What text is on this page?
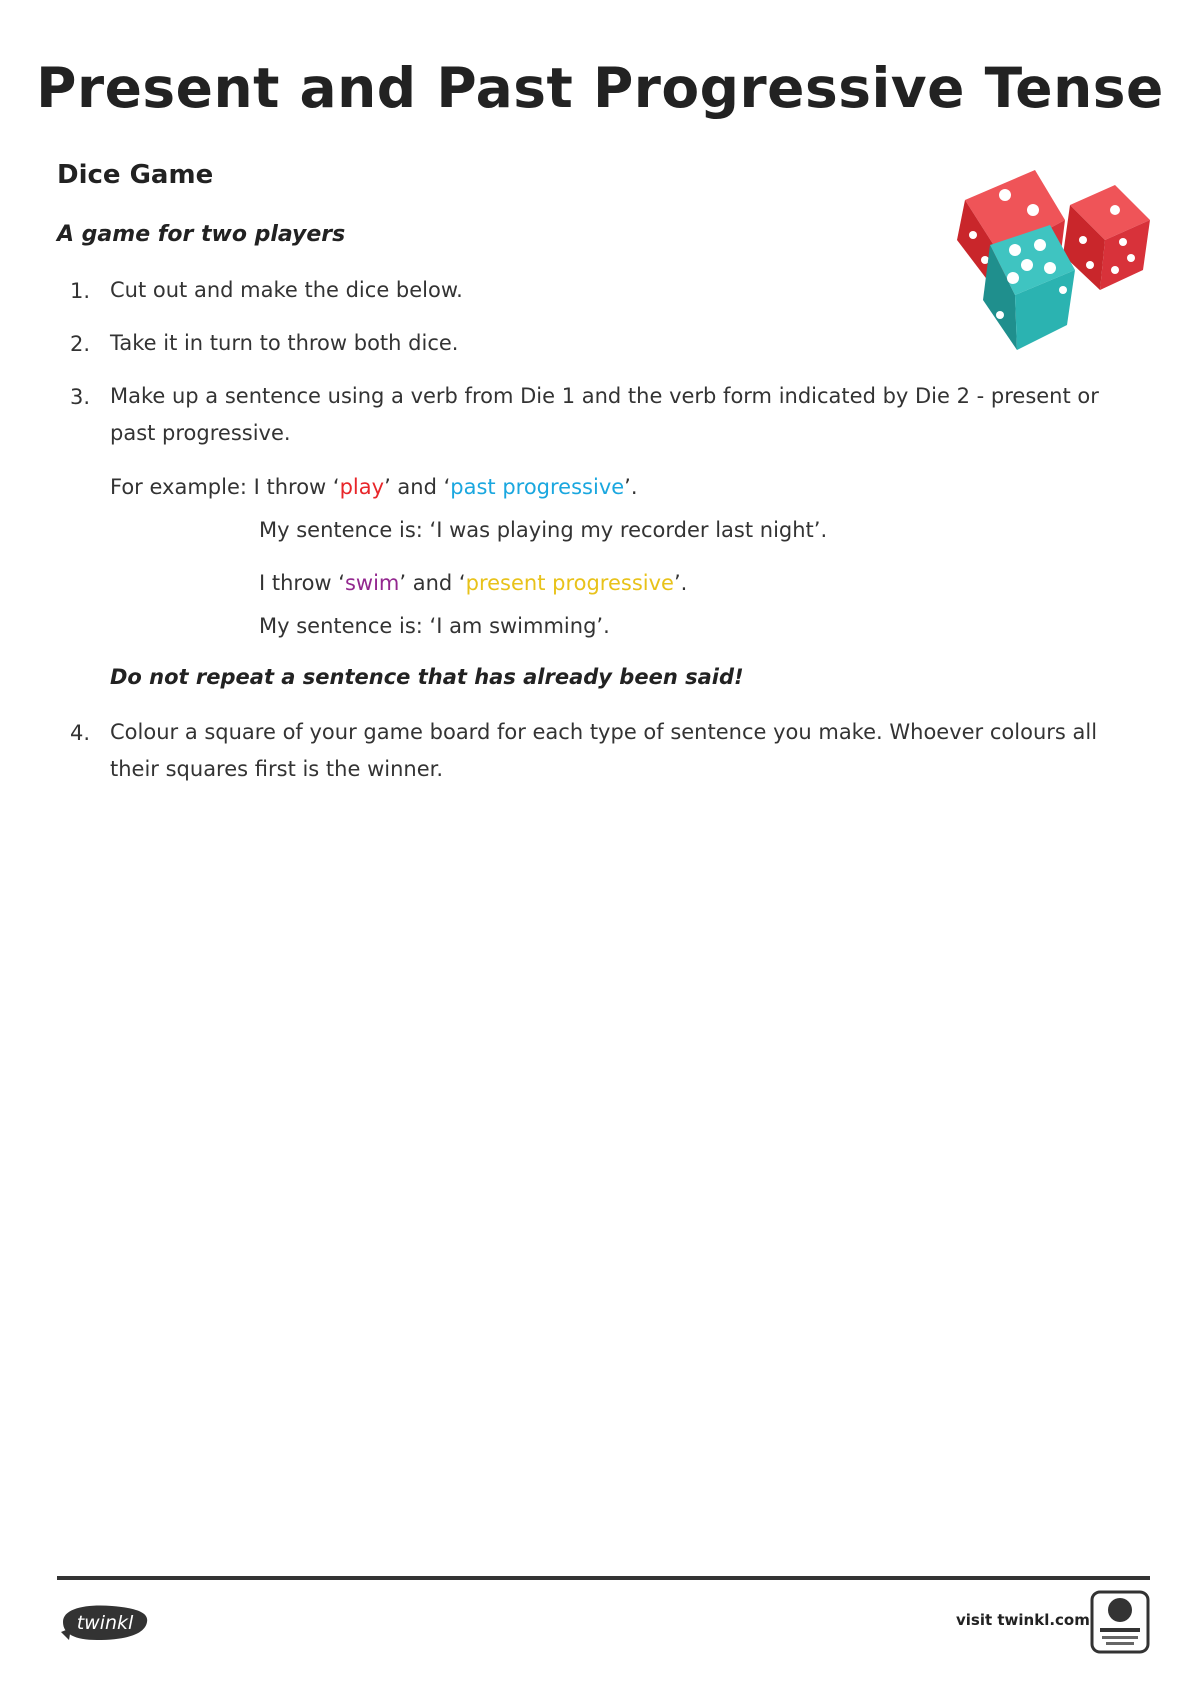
Present and Past Progressive Tense
Dice Game
A game for two players
1. Cut out and make the dice below.
2. Take it in turn to throw both dice.
3. Make up a sentence using a verb from Die 1 and the verb form indicated by Die 2 - present or past progressive.
For example: I throw ‘play’ and ‘past progressive’.
My sentence is: ‘I was playing my recorder last night’.
I throw ‘swim’ and ‘present progressive’.
My sentence is: ‘I am swimming’.
Do not repeat a sentence that has already been said!
4. Colour a square of your game board for each type of sentence you make. Whoever colours all their squares first is the winner.
twinkl	visit twinkl.com
